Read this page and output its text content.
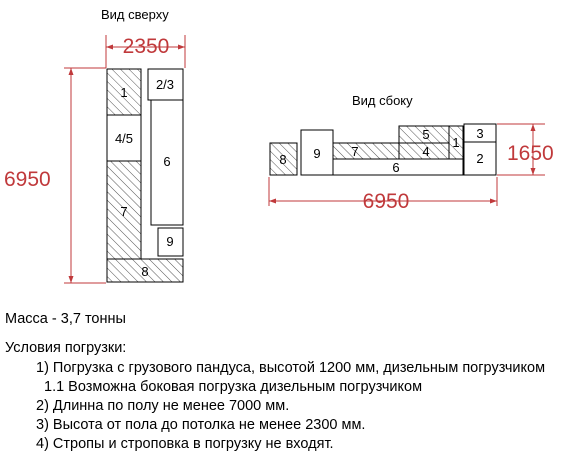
Вид сверху
2350
6950
1
4/5
7
2/3
6
9
8
Вид сбоку
1650
6950
8 9 7	4
5
1
6
3
2
Масса - 3,7 тонны
Условия погрузки:
1) Погрузка с грузового пандуса, высотой 1200 мм, дизельным погрузчиком
1.1 Возможна боковая погрузка дизельным погрузчиком
2) Длинна по полу не менее 7000 мм.
3) Высота от пола до потолка не менее 2300 мм.
4) Стропы и строповка в погрузку не входят.
